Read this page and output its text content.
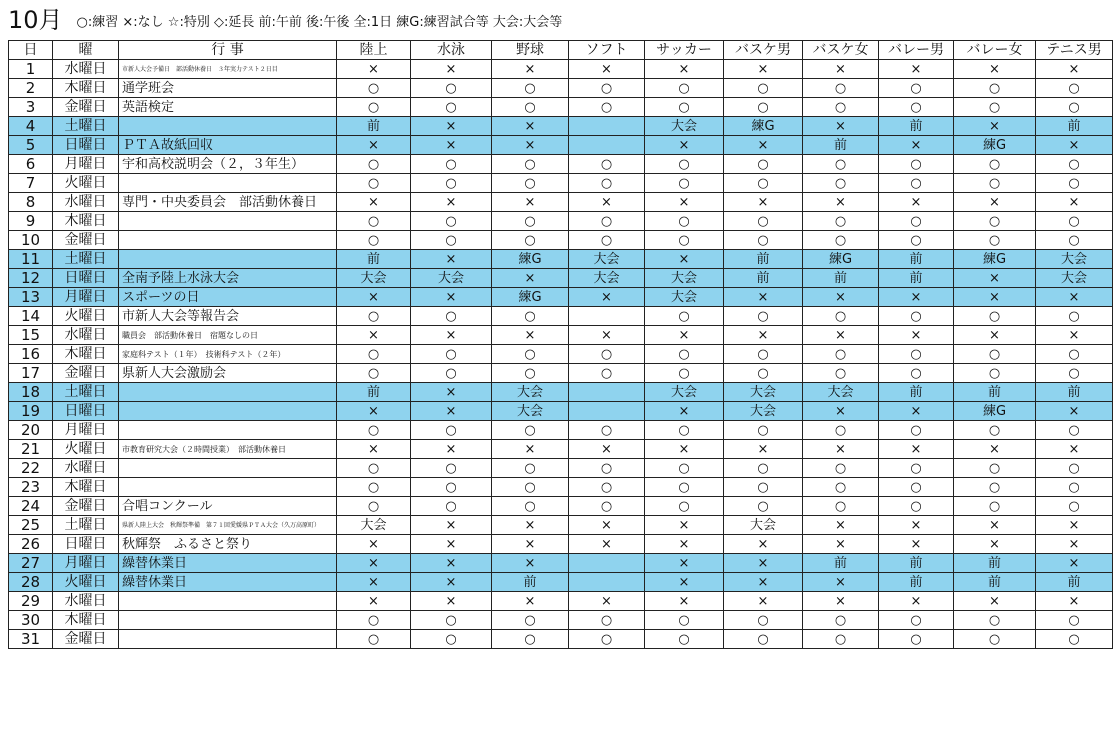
10月 ○:練習 ×:なし ☆:特別 ◇:延長 前:午前 後:午後 全:1日 練G:練習試合等 大会:大会等
日	曜	行 事	陸上	水泳	野球	ソフト	サッカー	バスケ男	バスケ女	バレー男	バレー女	テニス男
1	水曜日	市新人大会予備日　部活動休養日　３年実力テスト２日目	×	×	×	×	×	×	×	×	×	×
2	木曜日	通学班会	○	○	○	○	○	○	○	○	○	○
3	金曜日	英語検定	○	○	○	○	○	○	○	○	○	○
4	土曜日		前	×	×		大会	練G	×	前	×	前
5	日曜日	ＰＴＡ故紙回収	×	×	×		×	×	前	×	練G	×
6	月曜日	宇和高校説明会（２，３年生）	○	○	○	○	○	○	○	○	○	○
7	火曜日		○	○	○	○	○	○	○	○	○	○
8	水曜日	専門・中央委員会　部活動休養日	×	×	×	×	×	×	×	×	×	×
9	木曜日		○	○	○	○	○	○	○	○	○	○
10	金曜日		○	○	○	○	○	○	○	○	○	○
11	土曜日		前	×	練G	大会	×	前	練G	前	練G	大会
12	日曜日	全南予陸上水泳大会	大会	大会	×	大会	大会	前	前	前	×	大会
13	月曜日	スポーツの日	×	×	練G	×	大会	×	×	×	×	×
14	火曜日	市新人大会等報告会	○	○	○		○	○	○	○	○	○
15	水曜日	職員会　部活動休養日　宿題なしの日	×	×	×	×	×	×	×	×	×	×
16	木曜日	家庭科テスト（１年）　技術科テスト（２年）	○	○	○	○	○	○	○	○	○	○
17	金曜日	県新人大会激励会	○	○	○	○	○	○	○	○	○	○
18	土曜日		前	×	大会		大会	大会	大会	前	前	前
19	日曜日		×	×	大会		×	大会	×	×	練G	×
20	月曜日		○	○	○	○	○	○	○	○	○	○
21	火曜日	市教育研究大会（２時間授業）　部活動休養日	×	×	×	×	×	×	×	×	×	×
22	水曜日		○	○	○	○	○	○	○	○	○	○
23	木曜日		○	○	○	○	○	○	○	○	○	○
24	金曜日	合唱コンクール	○	○	○	○	○	○	○	○	○	○
25	土曜日	県新人陸上大会　秋輝祭準備　第７１回愛媛県ＰＴＡ大会（久万高原町）	大会	×	×	×	×	大会	×	×	×	×
26	日曜日	秋輝祭　ふるさと祭り	×	×	×	×	×	×	×	×	×	×
27	月曜日	繰替休業日	×	×	×		×	×	前	前	前	×
28	火曜日	繰替休業日	×	×	前		×	×	×	前	前	前
29	水曜日		×	×	×	×	×	×	×	×	×	×
30	木曜日		○	○	○	○	○	○	○	○	○	○
31	金曜日		○	○	○	○	○	○	○	○	○	○
